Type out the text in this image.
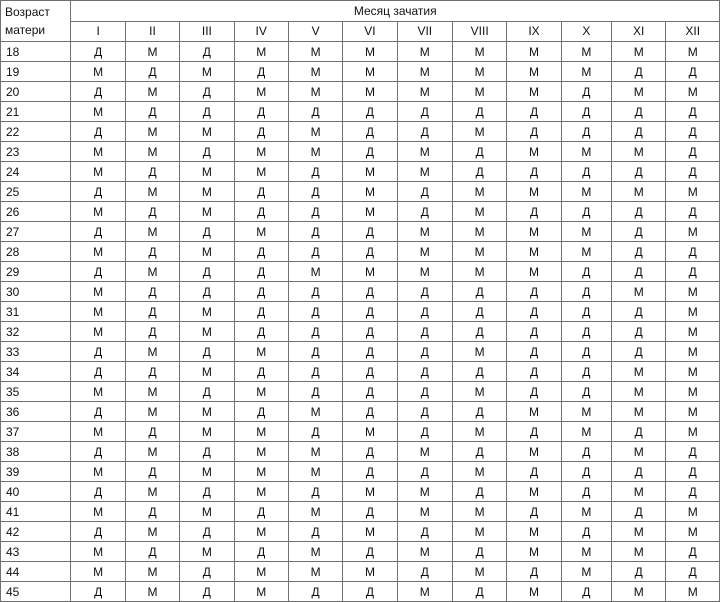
Возраст матери	Месяц зачатия											
	I	II	III	IV	V	VI	VII	VIII	IX	X	XI	XII
18	Д	М	Д	М	М	М	М	М	М	М	М	М
19	М	Д	М	Д	М	М	М	М	М	М	Д	Д
20	Д	М	Д	М	М	М	М	М	М	Д	М	М
21	М	Д	Д	Д	Д	Д	Д	Д	Д	Д	Д	Д
22	Д	М	М	Д	М	Д	Д	М	Д	Д	Д	Д
23	М	М	Д	М	М	Д	М	Д	М	М	М	Д
24	М	Д	М	М	Д	М	М	Д	Д	Д	Д	Д
25	Д	М	М	Д	Д	М	Д	М	М	М	М	М
26	М	Д	М	Д	Д	М	Д	М	Д	Д	Д	Д
27	Д	М	Д	М	Д	Д	М	М	М	М	Д	М
28	М	Д	М	Д	Д	Д	М	М	М	М	Д	Д
29	Д	М	Д	Д	М	М	М	М	М	Д	Д	Д
30	М	Д	Д	Д	Д	Д	Д	Д	Д	Д	М	М
31	М	Д	М	Д	Д	Д	Д	Д	Д	Д	Д	М
32	М	Д	М	Д	Д	Д	Д	Д	Д	Д	Д	М
33	Д	М	Д	М	Д	Д	Д	М	Д	Д	Д	М
34	Д	Д	М	Д	Д	Д	Д	Д	Д	Д	М	М
35	М	М	Д	М	Д	Д	Д	М	Д	Д	М	М
36	Д	М	М	Д	М	Д	Д	Д	М	М	М	М
37	М	Д	М	М	Д	М	Д	М	Д	М	Д	М
38	Д	М	Д	М	М	Д	М	Д	М	Д	М	Д
39	М	Д	М	М	М	Д	Д	М	Д	Д	Д	Д
40	Д	М	Д	М	Д	М	М	Д	М	Д	М	Д
41	М	Д	М	Д	М	Д	М	М	Д	М	Д	М
42	Д	М	Д	М	Д	М	Д	М	М	Д	М	М
43	М	Д	М	Д	М	Д	М	Д	М	М	М	Д
44	М	М	Д	М	М	М	Д	М	Д	М	Д	Д
45	Д	М	Д	М	Д	Д	М	Д	М	Д	М	М
